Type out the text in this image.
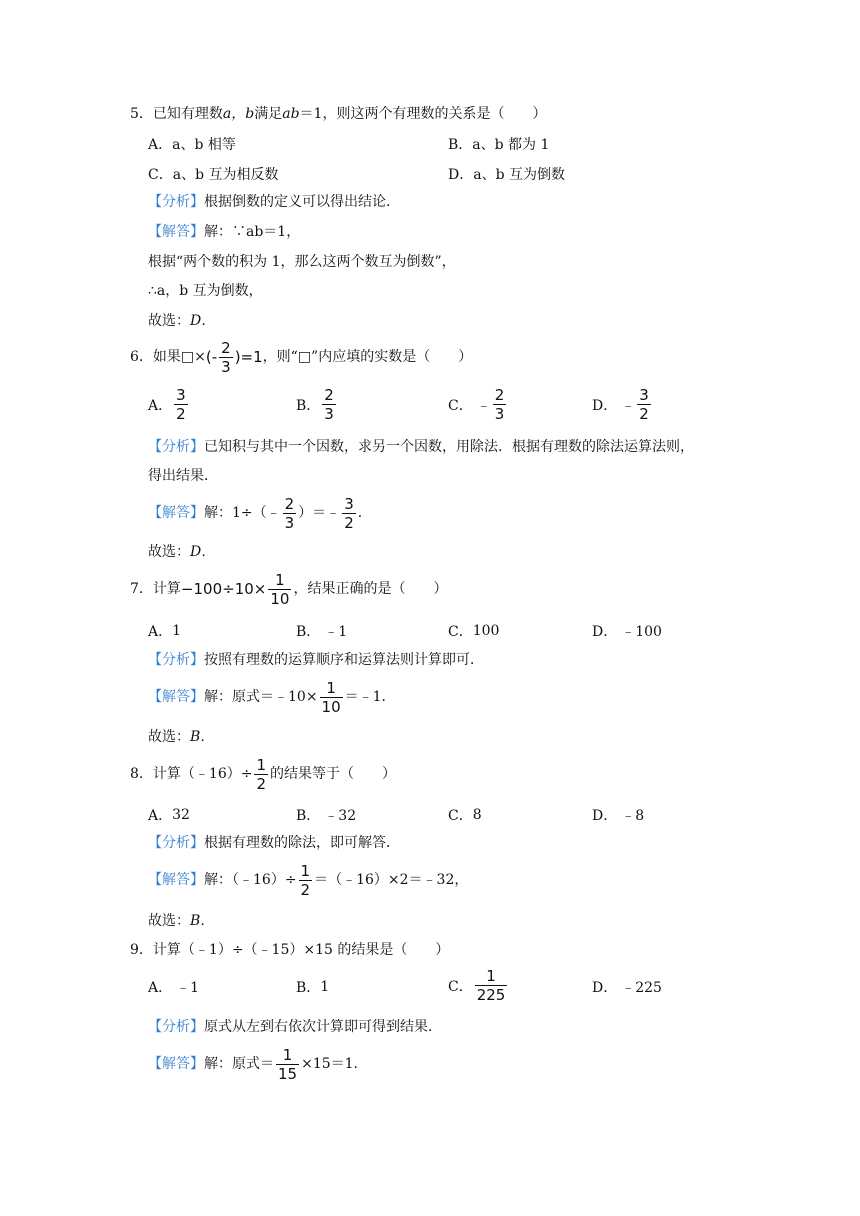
5． 已知有理数 a，b 满足 ab ＝1，则这两个有理数的关系是（　　）
A． a、b 相等	B． a、b 都为 1
C． a、b 互为相反数	D． a、b 互为倒数
【分析】 根据倒数的定义可以得出结论．
【解答】 解：∵ab＝1，
根据“两个数的积为 1，那么这两个数互为倒数”，
∴a，b 互为倒数，
故选： D．
6． 如果□× (- $\frac{2}{3} )=1$ ，则“□”内应填的实数是（　　）
A． $\frac{3}{2}$	B． $\frac{2}{3}$	C． ﹣ $\frac{2}{3}$	D． ﹣ $\frac{3}{2}$
【分析】 已知积与其中一个因数，求另一个因数，用除法．根据有理数的除法运算法则，
得出结果．
【解答】 解：1÷（﹣ $\frac{2}{3}$ ）＝﹣ $\frac{3}{2}$ ．
故选： D．
7． 计算 $-100\div 10\times \frac{1}{10}$ ，结果正确的是（　　）
A． 1	B． ﹣1	C． 100	D． ﹣100
【分析】 按照有理数的运算顺序和运算法则计算即可．
【解答】 解：原式＝﹣10× $\frac{1}{10}$ ＝﹣1．
故选： B．
8． 计算（﹣16）÷ $\frac{1}{2}$ 的结果等于（　　）
A． 32	B． ﹣32	C． 8	D． ﹣8
【分析】 根据有理数的除法，即可解答．
【解答】 解：（﹣16）÷ $\frac{1}{2}$ ＝（﹣16）×2＝﹣32，
故选： B．
9． 计算（﹣1）÷（﹣15）×15 的结果是（　　）
A． ﹣1	B． 1	C． $\frac{1}{225}$	D． ﹣225
【分析】 原式从左到右依次计算即可得到结果．
【解答】 解：原式＝ $\frac{1}{15} \times 15=1$．
